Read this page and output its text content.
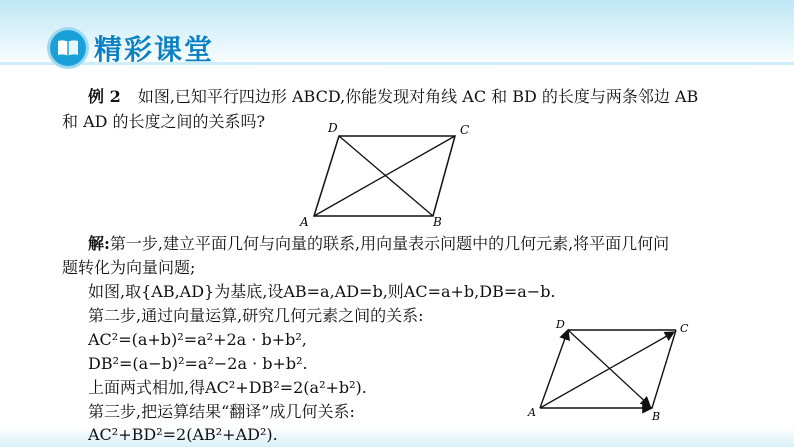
精彩课堂
例 2 如图,已知平行四边形 ABCD,你能发现对角线 AC 和 BD 的长度与两条邻边 AB
和 AD 的长度之间的关系吗?
A	B
C
D
解:第一步,建立平面几何与向量的联系,用向量表示问题中的几何元素,将平面几何问
题转化为向量问题;
如图,取{AB,AD}为基底,设AB=a,AD=b,则AC=a+b,DB=a−b.
第二步,通过向量运算,研究几何元素之间的关系:
AC²=(a+b)²=a²+2a · b+b²,
DB²=(a−b)²=a²−2a · b+b².
上面两式相加,得AC²+DB²=2(a²+b²).
第三步,把运算结果“翻译”成几何关系:
AC²+BD²=2(AB²+AD²).
A	B
C
D
